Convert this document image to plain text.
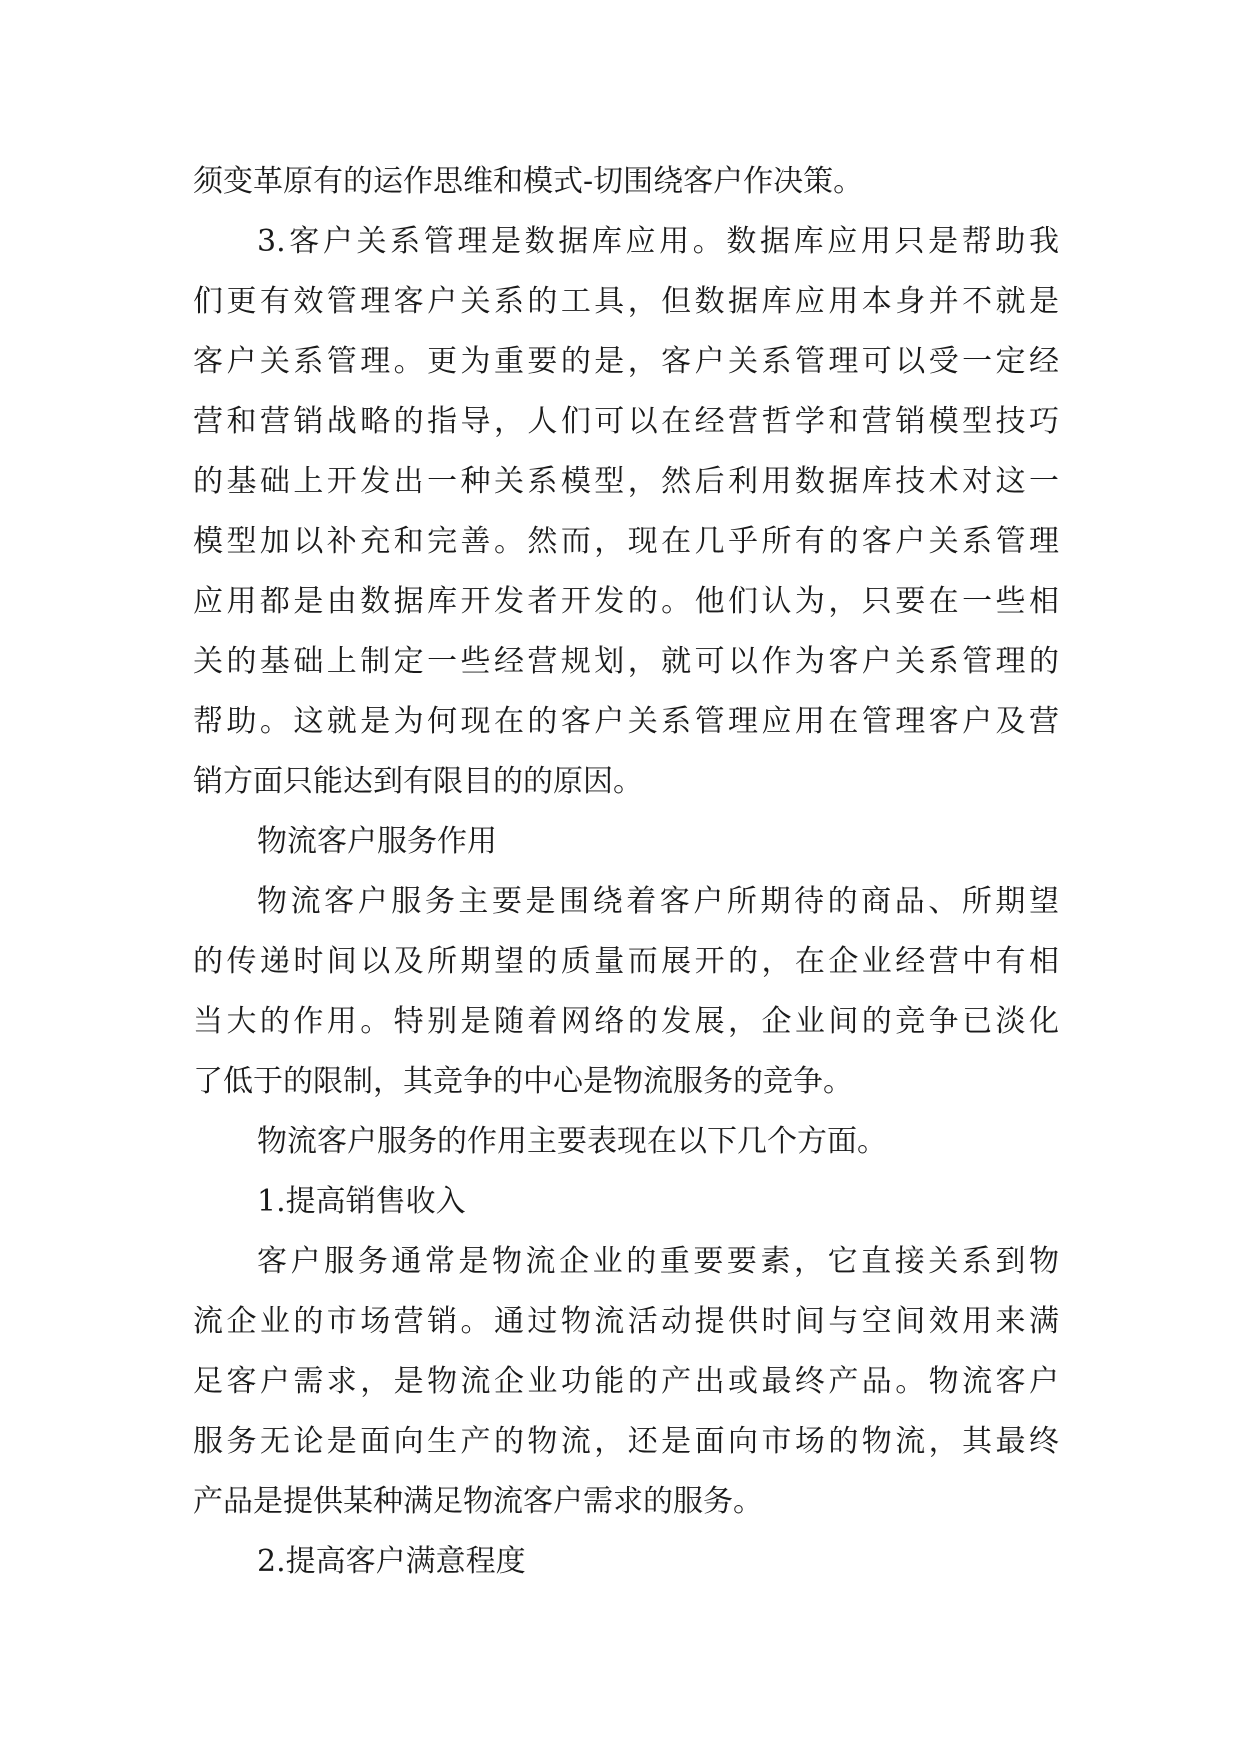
须变革原有的运作思维和模式-切围绕客户作决策。
3.客户关系管理是数据库应用。数据库应用只是帮助我
们更有效管理客户关系的工具，但数据库应用本身并不就是
客户关系管理。更为重要的是，客户关系管理可以受一定经
营和营销战略的指导，人们可以在经营哲学和营销模型技巧
的基础上开发出一种关系模型，然后利用数据库技术对这一
模型加以补充和完善。然而，现在几乎所有的客户关系管理
应用都是由数据库开发者开发的。他们认为，只要在一些相
关的基础上制定一些经营规划，就可以作为客户关系管理的
帮助。这就是为何现在的客户关系管理应用在管理客户及营
销方面只能达到有限目的的原因。
物流客户服务作用
物流客户服务主要是围绕着客户所期待的商品、所期望
的传递时间以及所期望的质量而展开的，在企业经营中有相
当大的作用。特别是随着网络的发展，企业间的竞争已淡化
了低于的限制，其竞争的中心是物流服务的竞争。
物流客户服务的作用主要表现在以下几个方面。
1.提高销售收入
客户服务通常是物流企业的重要要素，它直接关系到物
流企业的市场营销。通过物流活动提供时间与空间效用来满
足客户需求，是物流企业功能的产出或最终产品。物流客户
服务无论是面向生产的物流，还是面向市场的物流，其最终
产品是提供某种满足物流客户需求的服务。
2.提高客户满意程度
